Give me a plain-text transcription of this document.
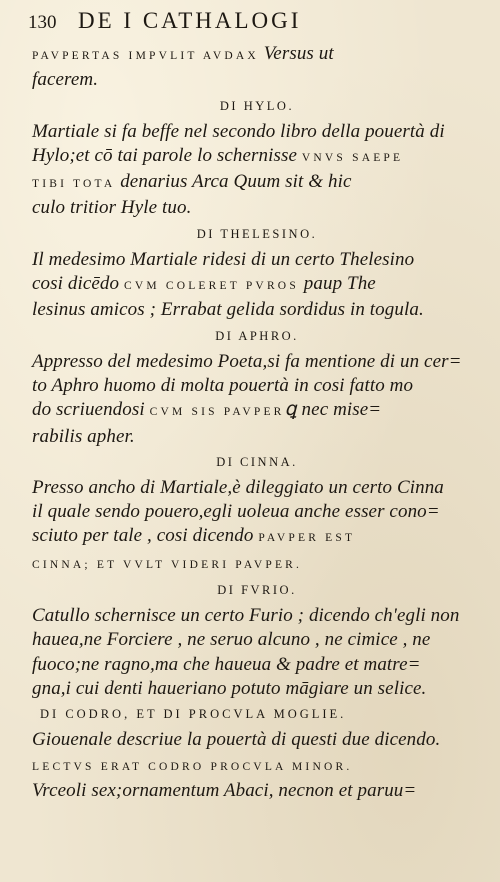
130 DE I CATHALOGI
PAVPERTAS IMPVLIT AVDAX Versus ut
facerem.
DI HYLO.
Martiale si fa beffe nel secondo libro della pouertà di
Hylo;et cō tai parole lo schernisse VNVS SAEPE
TIBI TOTA denarius Arca Quum sit & hic
culo tritior Hyle tuo.
DI THELESINO.
Il medesimo Martiale ridesi di un certo Thelesino
cosi dicēdo CVM COLERET PVROS paup The
lesinus amicos ; Errabat gelida sordidus in togula.
DI APHRO.
Appresso del medesimo Poeta,si fa mentione di un cer=
to Aphro huomo di molta pouertà in cosi fatto mo
do scriuendosi CVM SIS PAVPERꝗ nec mise=
rabilis apher.
DI CINNA.
Presso ancho di Martiale,è dileggiato un certo Cinna
il quale sendo pouero,egli uoleua anche esser cono=
sciuto per tale , cosi dicendo PAVPER EST
CINNA; ET VVLT VIDERI PAVPER.
DI FVRIO.
Catullo schernisce un certo Furio ; dicendo ch'egli non
hauea,ne Forciere , ne seruo alcuno , ne cimice , ne
fuoco;ne ragno,ma che haueua & padre et matre=
gna,i cui denti haueriano potuto māgiare un selice.
DI CODRO, ET DI PROCVLA MOGLIE.
Giouenale descriue la pouertà di questi due dicendo.
LECTVS ERAT CODRO PROCVLA MINOR.
Vrceoli sex;ornamentum Abaci, necnon et paruu=
